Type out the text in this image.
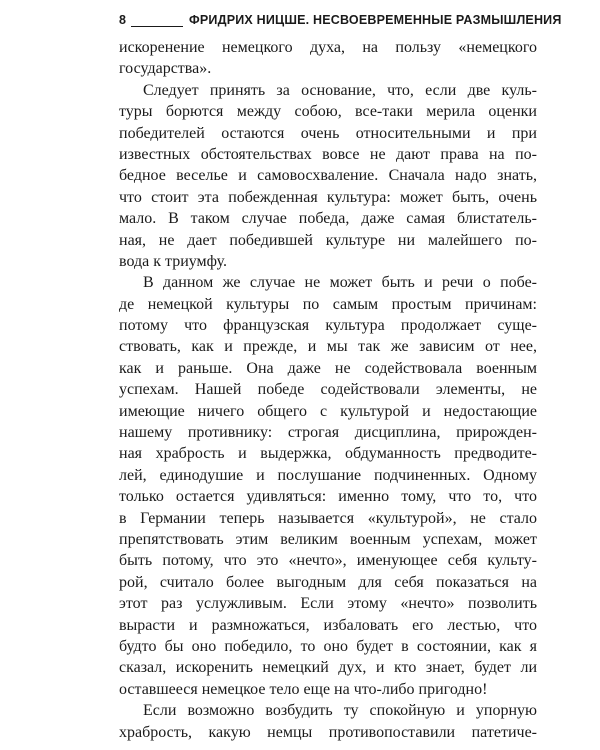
8	ФРИДРИХ НИЦШЕ. НЕСВОЕВРЕМЕННЫЕ РАЗМЫШЛЕНИЯ
искоренение немецкого духа, на пользу «немецкого
государства».
Следует принять за основание, что, если две куль-
туры борются между собою, все-таки мерила оценки
победителей остаются очень относительными и при
известных обстоятельствах вовсе не дают права на по-
бедное веселье и самовосхваление. Сначала надо знать,
что стоит эта побежденная культура: может быть, очень
мало. В таком случае победа, даже самая блистатель-
ная, не дает победившей культуре ни малейшего по-
вода к триумфу.
В данном же случае не может быть и речи о побе-
де немецкой культуры по самым простым причинам:
потому что французская культура продолжает суще-
ствовать, как и прежде, и мы так же зависим от нее,
как и раньше. Она даже не содействовала военным
успехам. Нашей победе содействовали элементы, не
имеющие ничего общего с культурой и недостающие
нашему противнику: строгая дисциплина, прирожден-
ная храбрость и выдержка, обдуманность предводите-
лей, единодушие и послушание подчиненных. Одному
только остается удивляться: именно тому, что то, что
в Германии теперь называется «культурой», не стало
препятствовать этим великим военным успехам, может
быть потому, что это «нечто», именующее себя культу-
рой, считало более выгодным для себя показаться на
этот раз услужливым. Если этому «нечто» позволить
вырасти и размножаться, избаловать его лестью, что
будто бы оно победило, то оно будет в состоянии, как я
сказал, искоренить немецкий дух, и кто знает, будет ли
оставшееся немецкое тело еще на что-либо пригодно!
Если возможно возбудить ту спокойную и упорную
храбрость, какую немцы противопоставили патетиче-
